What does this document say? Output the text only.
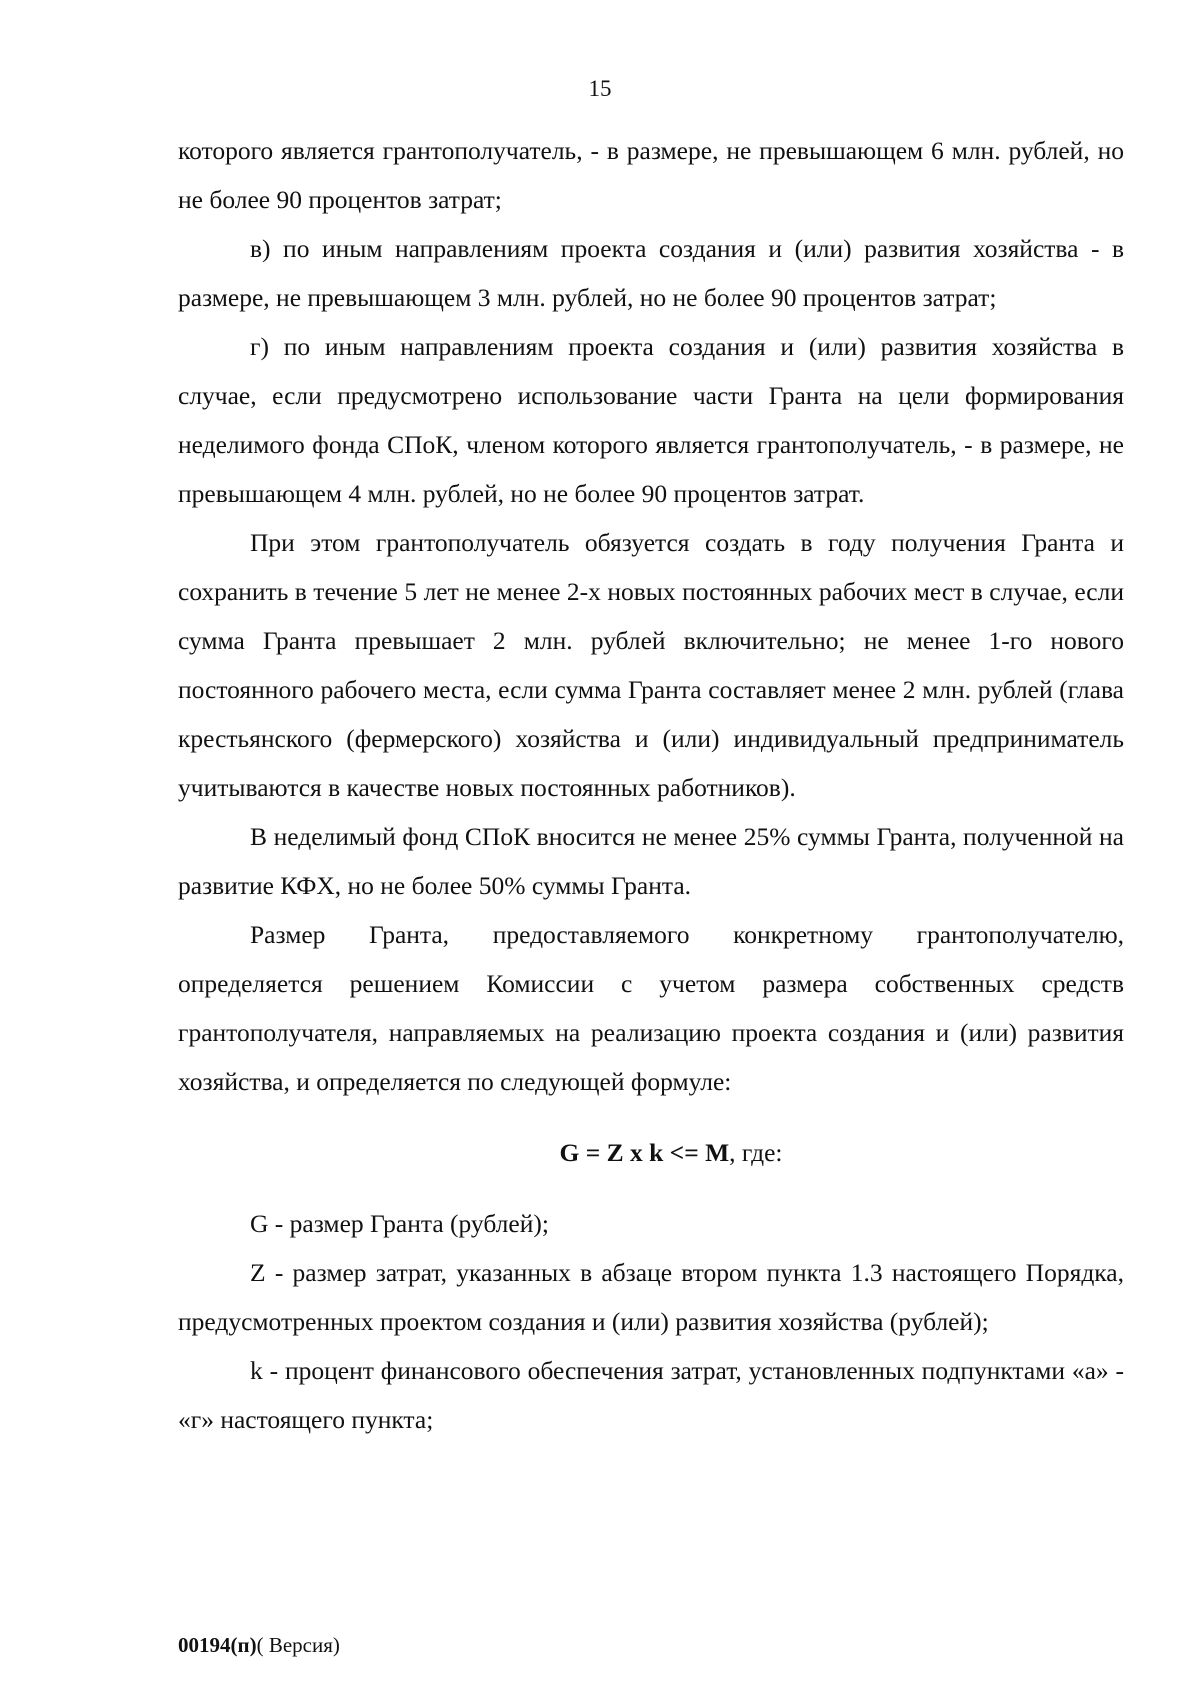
15

которого является грантополучатель, - в размере, не превышающем 6 млн. рублей, но не более 90 процентов затрат;

в) по иным направлениям проекта создания и (или) развития хозяйства - в размере, не превышающем 3 млн. рублей, но не более 90 процентов затрат;

г) по иным направлениям проекта создания и (или) развития хозяйства в случае, если предусмотрено использование части Гранта на цели формирования неделимого фонда СПоК, членом которого является грантополучатель, - в размере, не превышающем 4 млн. рублей, но не более 90 процентов затрат.

При этом грантополучатель обязуется создать в году получения Гранта и сохранить в течение 5 лет не менее 2-х новых постоянных рабочих мест в случае, если сумма Гранта превышает 2 млн. рублей включительно; не менее 1-го нового постоянного рабочего места, если сумма Гранта составляет менее 2 млн. рублей (глава крестьянского (фермерского) хозяйства и (или) индивидуальный предприниматель учитываются в качестве новых постоянных работников).

В неделимый фонд СПоК вносится не менее 25% суммы Гранта, полученной на развитие КФХ, но не более 50% суммы Гранта.

Размер Гранта, предоставляемого конкретному грантополучателю, определяется решением Комиссии с учетом размера собственных средств грантополучателя, направляемых на реализацию проекта создания и (или) развития хозяйства, и определяется по следующей формуле:

G = Z x k <= M, где:

G - размер Гранта (рублей);

Z - размер затрат, указанных в абзаце втором пункта 1.3 настоящего Порядка, предусмотренных проектом создания и (или) развития хозяйства (рублей);

k - процент финансового обеспечения затрат, установленных подпунктами «а» - «г» настоящего пункта;

00194(п)( Версия)
